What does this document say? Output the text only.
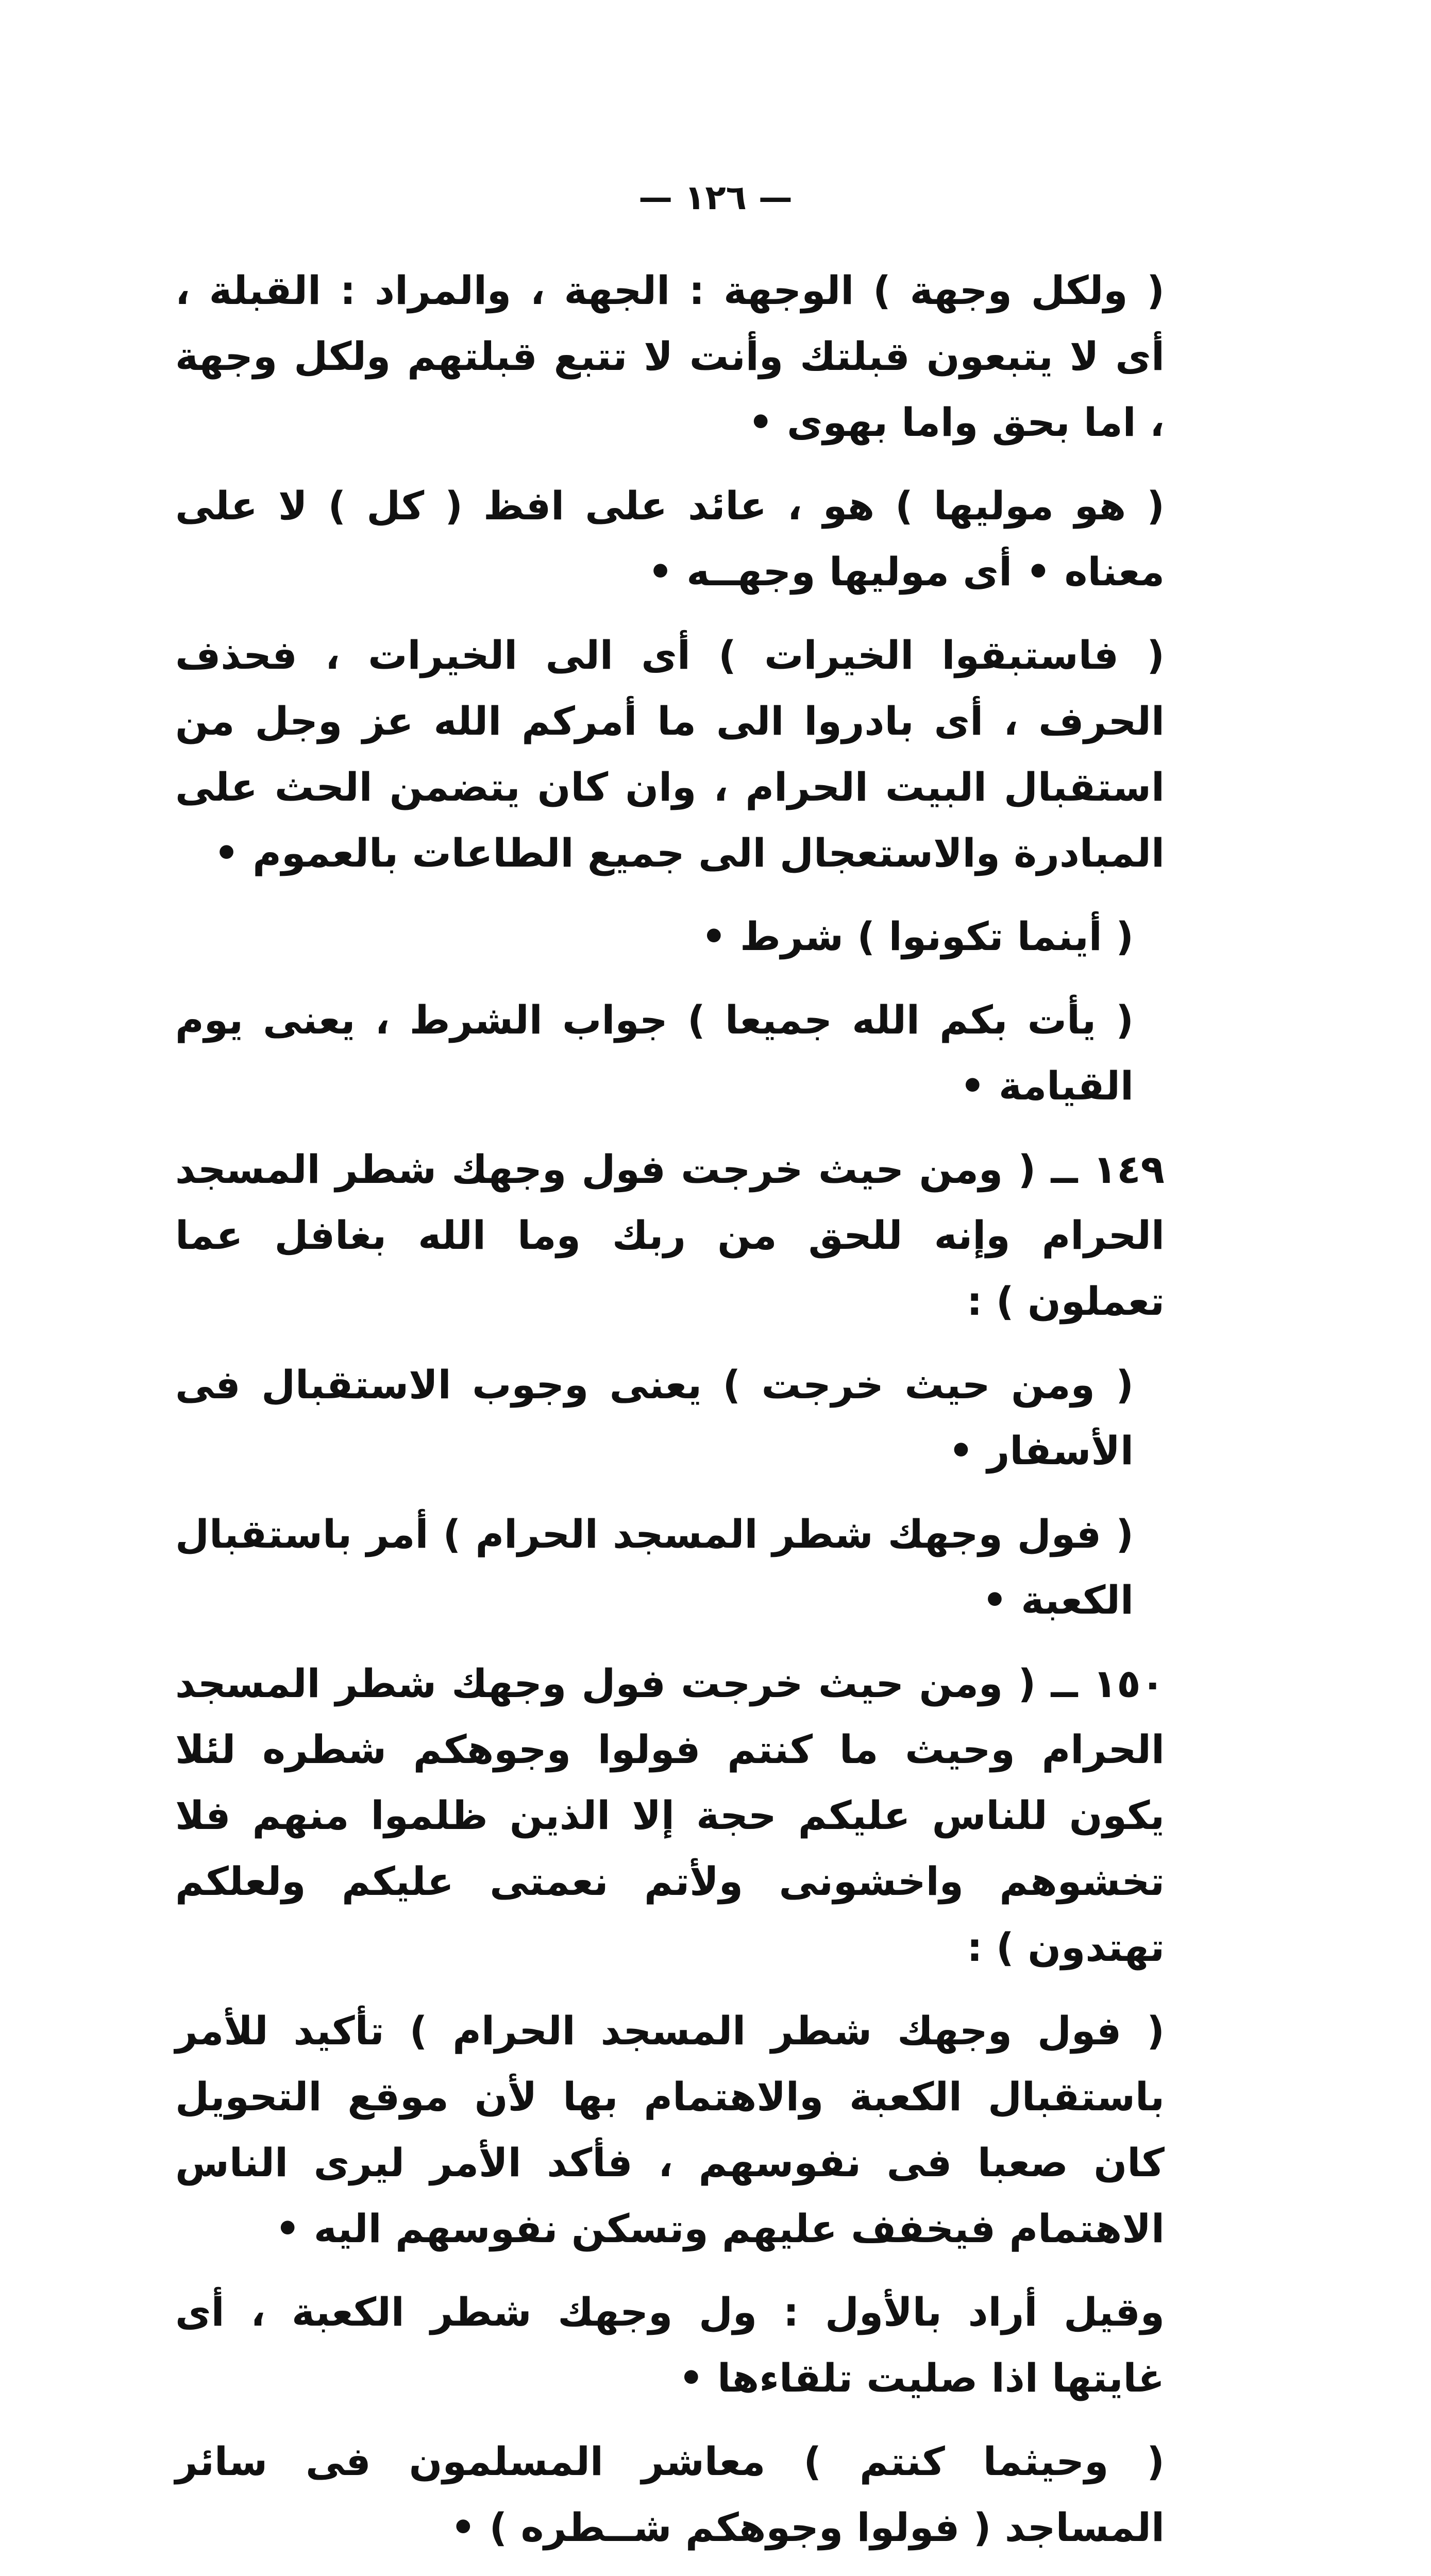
— ١٢٦ —

( ولكل وجهة ) الوجهة : الجهة ، والمراد : القبلة ، أى لا يتبعون قبلتك وأنت لا تتبع قبلتهم ولكل وجهة ، اما بحق واما بهوى •

( هو موليها ) هو ، عائد على افظ ( كل ) لا على معناه • أى موليها وجهــه •

( فاستبقوا الخيرات ) أى الى الخيرات ، فحذف الحرف ، أى بادروا الى ما أمركم الله عز وجل من استقبال البيت الحرام ، وان كان يتضمن الحث على المبادرة والاستعجال الى جميع الطاعات بالعموم •

( أينما تكونوا ) شرط •

( يأت بكم الله جميعا ) جواب الشرط ، يعنى يوم القيامة •

١٤٩ ــ ( ومن حيث خرجت فول وجهك شطر المسجد الحرام وإنه للحق من ربك وما الله بغافل عما تعملون ) :

( ومن حيث خرجت ) يعنى وجوب الاستقبال فى الأسفار •

( فول وجهك شطر المسجد الحرام ) أمر باستقبال الكعبة •

١٥٠ ــ ( ومن حيث خرجت فول وجهك شطر المسجد الحرام وحيث ما كنتم فولوا وجوهكم شطره لئلا يكون للناس عليكم حجة إلا الذين ظلموا منهم فلا تخشوهم واخشونى ولأتم نعمتى عليكم ولعلكم تهتدون ) :

( فول وجهك شطر المسجد الحرام ) تأكيد للأمر باستقبال الكعبة والاهتمام بها لأن موقع التحويل كان صعبا فى نفوسهم ، فأكد الأمر ليرى الناس الاهتمام فيخفف عليهم وتسكن نفوسهم اليه •

وقيل أراد بالأول : ول وجهك شطر الكعبة ، أى غايتها اذا صليت تلقاءها •

( وحيثما كنتم ) معاشر المسلمون فى سائر المساجد ( فولوا وجوهكم شــطره ) •
